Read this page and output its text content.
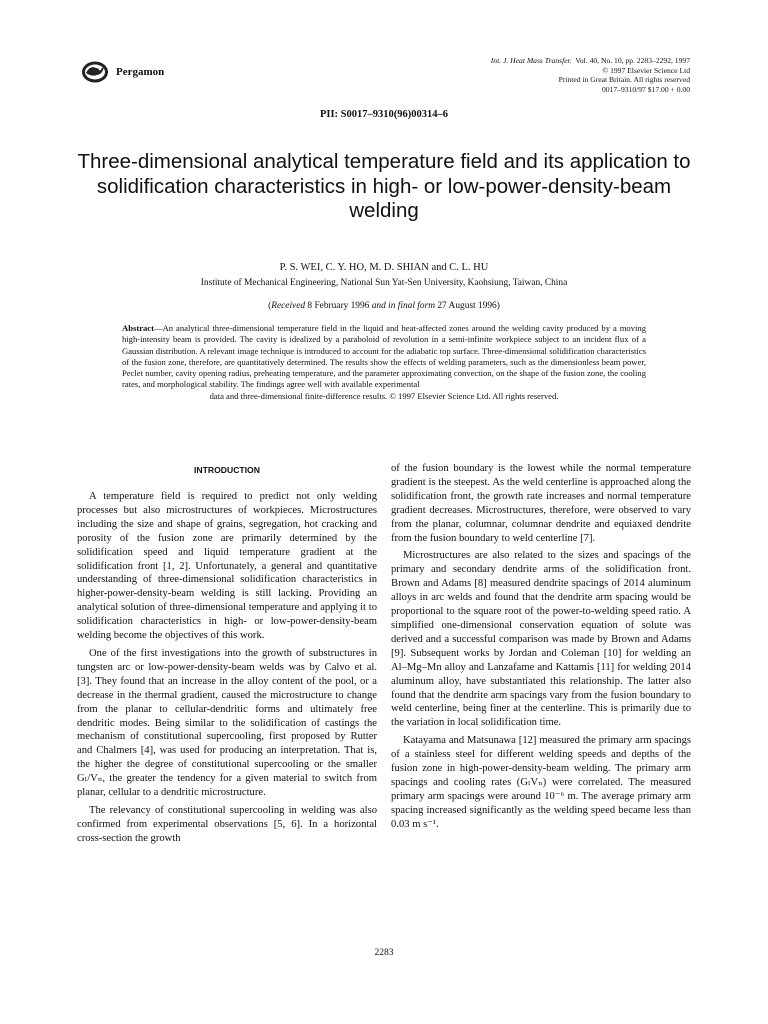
Pergamon
Int. J. Heat Mass Transfer. Vol. 40, No. 10, pp. 2283–2292, 1997
© 1997 Elsevier Science Ltd
Printed in Great Britain. All rights reserved
0017–9310/97 $17.00 + 0.00
PII: S0017–9310(96)00314–6
Three-dimensional analytical temperature field and its application to solidification characteristics in high- or low-power-density-beam welding
P. S. WEI, C. Y. HO, M. D. SHIAN and C. L. HU
Institute of Mechanical Engineering, National Sun Yat-Sen University, Kaohsiung, Taiwan, China
(Received 8 February 1996 and in final form 27 August 1996)
Abstract—An analytical three-dimensional temperature field in the liquid and heat-affected zones around the welding cavity produced by a moving high-intensity beam is provided. The cavity is idealized by a paraboloid of revolution in a semi-infinite workpiece subject to an incident flux of a Gaussian distribution. A relevant image technique is introduced to account for the adiabatic top surface. Three-dimensional solidification characteristics of the fusion zone, therefore, are quantitatively determined. The results show the effects of welding parameters, such as the dimensionless beam power, Peclet number, cavity opening radius, preheating temperature, and the parameter approximating convection, on the shape of the fusion zone, the cooling rates, and morphological stability. The findings agree well with available experimental
data and three-dimensional finite-difference results. © 1997 Elsevier Science Ltd. All rights reserved.
INTRODUCTION

A temperature field is required to predict not only welding processes but also microstructures of workpieces. Microstructures including the size and shape of grains, segregation, hot cracking and porosity of the fusion zone are primarily determined by the solidification speed and liquid temperature gradient at the solidification front [1, 2]. Unfortunately, a general and quantitative understanding of three-dimensional solidification characteristics in higher-power-density-beam welding is still lacking. Providing an analytical solution of three-dimensional temperature and applying it to solidification characteristics in high- or low-power-density-beam welding become the objectives of this work.

One of the first investigations into the growth of substructures in tungsten arc or low-power-density-beam welds was by Calvo et al. [3]. They found that an increase in the alloy content of the pool, or a decrease in the thermal gradient, caused the microstructure to change from the planar to cellular-dendritic forms and ultimately free dendritic modes. Being similar to the solidification of castings the mechanism of constitutional supercooling, first proposed by Rutter and Chalmers [4], was used for producing an interpretation. That is, the higher the degree of constitutional supercooling or the smaller Gₗ/Vₙ, the greater the tendency for a given material to switch from planar, cellular to a dendritic microstructure.

The relevancy of constitutional supercooling in welding was also confirmed from experimental observations [5, 6]. In a horizontal cross-section the growth

of the fusion boundary is the lowest while the normal temperature gradient is the steepest. As the weld centerline is approached along the solidification front, the growth rate increases and normal temperature gradient decreases. Microstructures, therefore, were observed to vary from the planar, columnar, columnar dendrite and equiaxed dendrite from the fusion boundary to weld centerline [7].

Microstructures are also related to the sizes and spacings of the primary and secondary dendrite arms of the solidification front. Brown and Adams [8] measured dendrite spacings of 2014 aluminum alloys in arc welds and found that the dendrite arm spacing would be proportional to the square root of the power-to-welding speed ratio. A simplified one-dimensional conservation equation of solute was derived and a successful comparison was made by Brown and Adams [9]. Subsequent works by Jordan and Coleman [10] for welding an Al–Mg–Mn alloy and Lanzafame and Kattamis [11] for welding 2014 aluminum alloy, have substantiated this relationship. The latter also found that the dendrite arm spacings vary from the fusion boundary to weld centerline, being finer at the centerline. This is primarily due to the variation in local solidification time.

Katayama and Matsunawa [12] measured the primary arm spacings of a stainless steel for different welding speeds and depths of the fusion zone in high-power-density-beam welding. The primary arm spacings and cooling rates (GₗVₙ) were correlated. The measured primary arm spacings were around 10⁻⁶ m. The average primary arm spacing increased significantly as the welding speed became less than 0.03 m s⁻¹.

2283
